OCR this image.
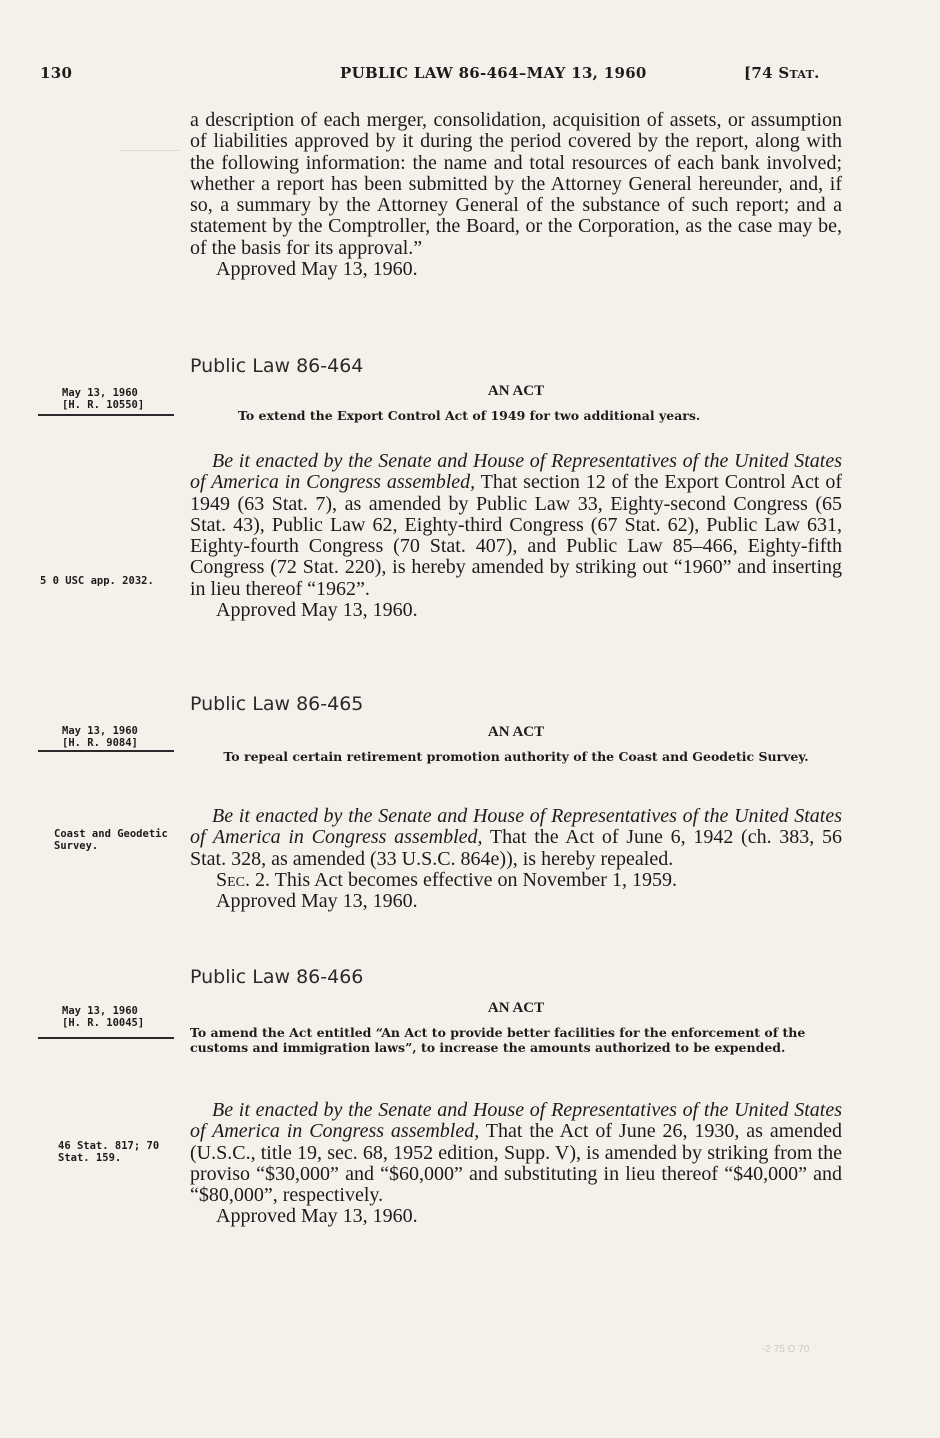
130	PUBLIC LAW 86-464–MAY 13, 1960	[74 Stat.

a description of each merger, consolidation, acquisition of assets, or assumption of liabilities approved by it during the period covered by the report, along with the following information: the name and total resources of each bank involved; whether a report has been submitted by the Attorney General hereunder, and, if so, a summary by the Attorney General of the substance of such report; and a statement by the Comptroller, the Board, or the Corporation, as the case may be, of the basis for its approval.”

Approved May 13, 1960.

Public Law 86-464
May 13, 1960
[H. R. 10550]
AN ACT
To extend the Export Control Act of 1949 for two additional years.

Be it enacted by the Senate and House of Representatives of the United States of America in Congress assembled, That section 12 of the Export Control Act of 1949 (63 Stat. 7), as amended by Public Law 33, Eighty-second Congress (65 Stat. 43), Public Law 62, Eighty-third Congress (67 Stat. 62), Public Law 631, Eighty-fourth Congress (70 Stat. 407), and Public Law 85–466, Eighty-fifth Congress (72 Stat. 220), is hereby amended by striking out “1960” and inserting in lieu thereof “1962”.

Approved May 13, 1960.

5 0 USC app. 2032.
Public Law 86-465
May 13, 1960
[H. R. 9084]
AN ACT
To repeal certain retirement promotion authority of the Coast and Geodetic Survey.

Be it enacted by the Senate and House of Representatives of the United States of America in Congress assembled, That the Act of June 6, 1942 (ch. 383, 56 Stat. 328, as amended (33 U.S.C. 864e)), is hereby repealed.

Sec. 2. This Act becomes effective on November 1, 1959.

Approved May 13, 1960.

Coast and Geodetic Survey.
Public Law 86-466
May 13, 1960
[H. R. 10045]
AN ACT
To amend the Act entitled “An Act to provide better facilities for the enforcement of the customs and immigration laws”, to increase the amounts authorized to be expended.

Be it enacted by the Senate and House of Representatives of the United States of America in Congress assembled, That the Act of June 26, 1930, as amended (U.S.C., title 19, sec. 68, 1952 edition, Supp. V), is amended by striking from the proviso “$30,000” and “$60,000” and substituting in lieu thereof “$40,000” and “$80,000”, respectively.

Approved May 13, 1960.

46 Stat. 817; 70 Stat. 159.
-2 75 O 70
